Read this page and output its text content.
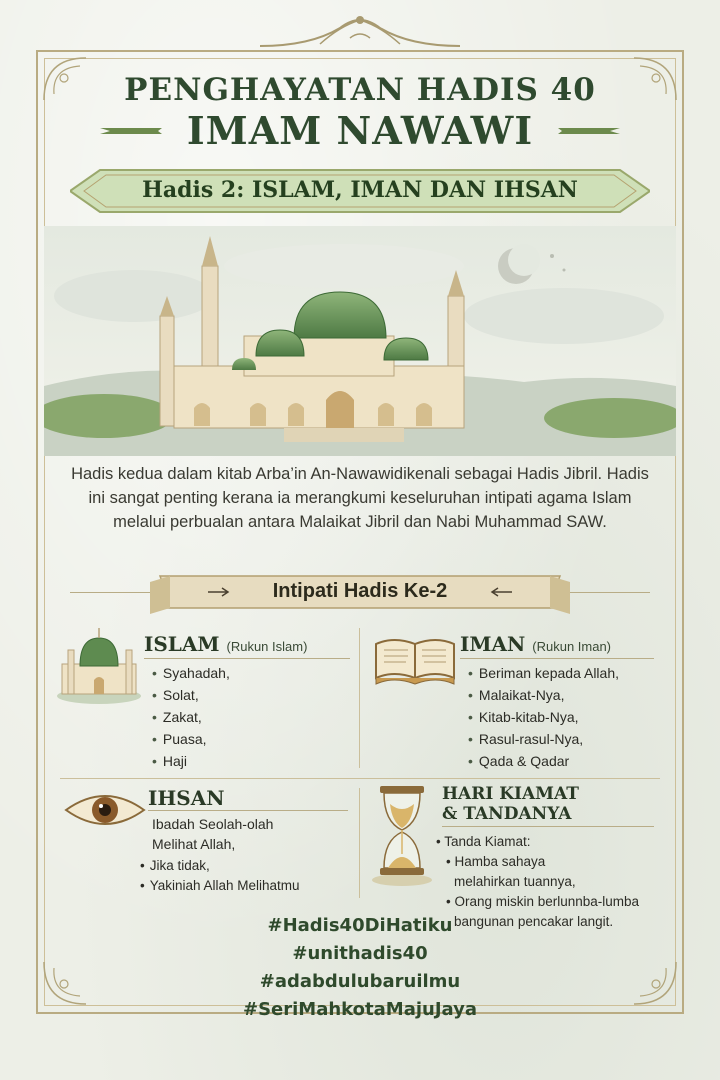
PENGHAYATAN HADIS 40
IMAM NAWAWI
Hadis 2: ISLAM, IMAN DAN IHSAN
Hadis kedua dalam kitab Arba’in An-Nawawidikenali sebagai Hadis Jibril. Hadis ini sangat penting kerana ia merangkumi keseluruhan intipati agama Islam melalui perbualan antara Malaikat Jibril dan Nabi Muhammad SAW.
Intipati Hadis Ke-2
ISLAM (Rukun Islam)
• Syahadah,
• Solat,
• Zakat,
• Puasa,
• Haji
IMAN (Rukun Iman)
• Beriman kepada Allah,
• Malaikat-Nya,
• Kitab-kitab-Nya,
• Rasul-rasul-Nya,
• Qada & Qadar
IHSAN
Ibadah Seolah-olah
Melihat Allah,
• Jika tidak,
• Yakiniah Allah Melihatmu
HARI KIAMAT
& TANDANYA
• Tanda Kiamat:
• Hamba sahaya
melahirkan tuannya,
• Orang miskin berlunnba-lumba
bangunan pencakar langit.
#Hadis40DiHatiku
#unithadis40
#adabdulubaruilmu
#SeriMahkotaMajuJaya
